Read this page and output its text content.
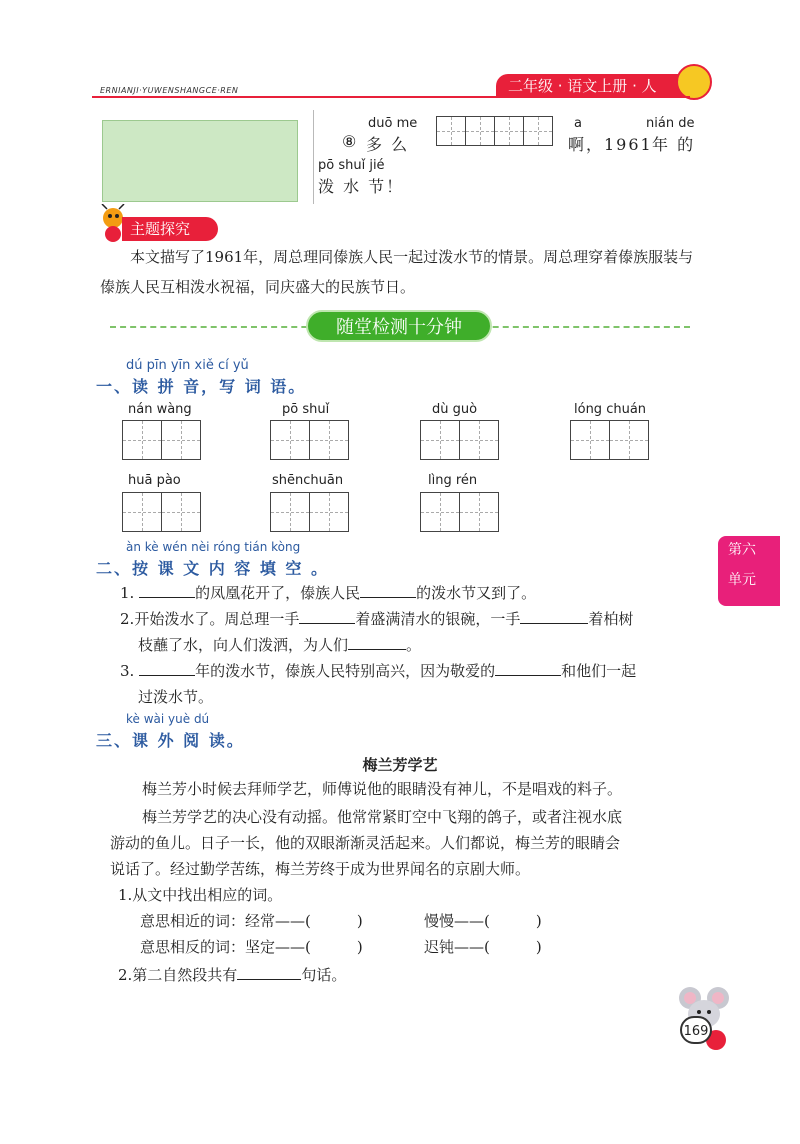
ERNIANJI·YUWENSHANGCE·REN	二年级 · 语文上册 · 人
duō me
⑧ 多 么
a
啊，1961
nián de
年 的
pō shuǐ jié
泼 水 节！
主题探究
本文描写了1961年，周总理同傣族人民一起过泼水节的情景。周总理穿着傣族服装与傣族人民互相泼水祝福，同庆盛大的民族节日。
随堂检测十分钟
dú pīn yīn xiě cí yǔ
一、读 拼 音，写 词 语。
nán wàng	pō shuǐ	dù guò	lóng chuán
huā pào	shēnchuān	lìng rén
第六
单元
àn kè wén nèi róng tián kòng
二、按 课 文 内 容 填 空 。
1.	的凤凰花开了，傣族人民	的泼水节又到了。
2.开始泼水了。周总理一手	着盛满清水的银碗，一手	着柏树
枝蘸了水，向人们泼洒，为人们	。
3.	年的泼水节，傣族人民特别高兴，因为敬爱的	和他们一起
过泼水节。
kè wài yuè dú
三、课 外 阅 读。
梅兰芳学艺
梅兰芳小时候去拜师学艺，师傅说他的眼睛没有神儿，不是唱戏的料子。
梅兰芳学艺的决心没有动摇。他常常紧盯空中飞翔的鸽子，或者注视水底
游动的鱼儿。日子一长，他的双眼渐渐灵活起来。人们都说，梅兰芳的眼睛会
说话了。经过勤学苦练，梅兰芳终于成为世界闻名的京剧大师。
1.从文中找出相应的词。
意思相近的词：经常——(	)	慢慢——(	)
意思相反的词：坚定——(	)	迟钝——(	)
2.第二自然段共有	句话。
169
